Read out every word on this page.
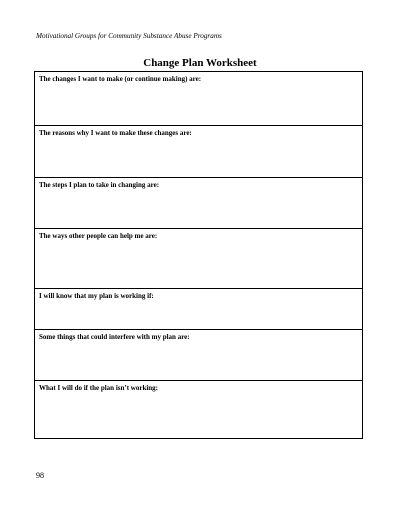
Motivational Groups for Community Substance Abuse Programs
Change Plan Worksheet
The changes I want to make (or continue making) are:
The reasons why I want to make these changes are:
The steps I plan to take in changing are:
The ways other people can help me are:
I will know that my plan is working if:
Some things that could interfere with my plan are:
What I will do if the plan isn’t working:
98
